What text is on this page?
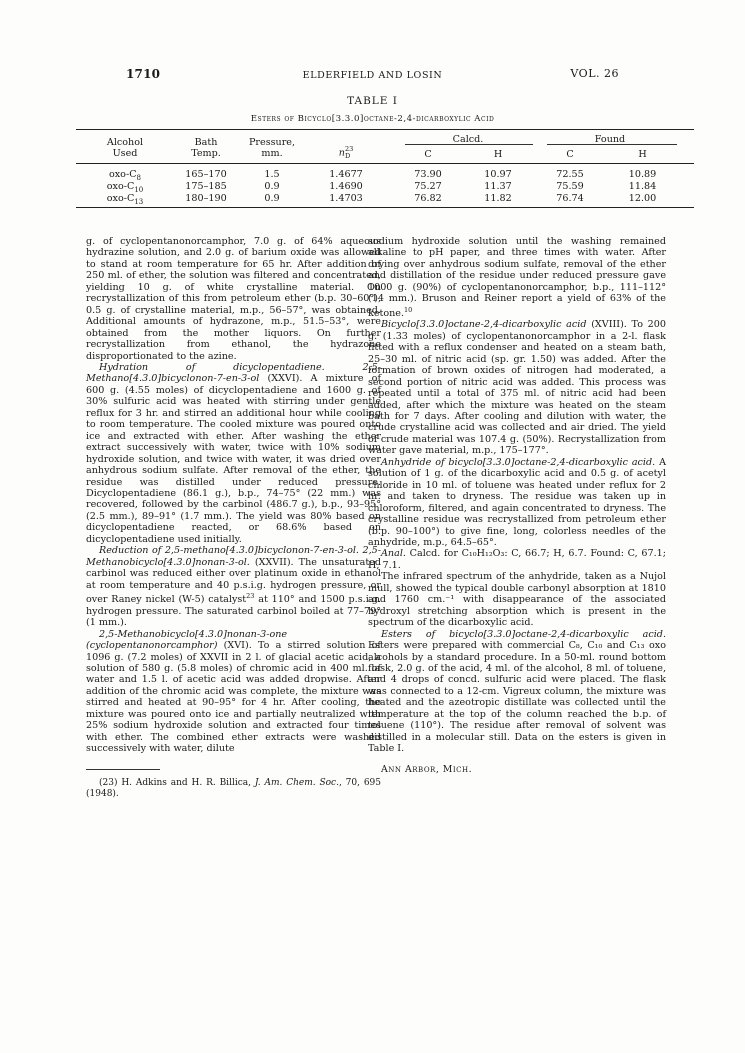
1710	ELDERFIELD AND LOSIN	VOL. 26
TABLE I
Esters of Bicyclo[3.3.0]octane-2,4-dicarboxylic Acid
Alcohol
Used
Bath
Temp.
Pressure,
mm.	n 23
D
Calcd.	Found
C	H	C	H
oxo-$C_8$	165–170	1.5	1.4677	73.90	10.97	72.55	10.89
oxo-$C_{10}$	175–185	0.9	1.4690	75.27	11.37	75.59	11.84
oxo-$C_{13}$	180–190	0.9	1.4703	76.82	11.82	76.74	12.00

g. of cyclopentanonorcamphor, 7.0 g. of 64% aqueous hydrazine solution, and 2.0 g. of barium oxide was allowed to stand at room temperature for 65 hr. After addition of 250 ml. of ether, the solution was filtered and concentrated, yielding 10 g. of white crystalline material. On recrystallization of this from petroleum ether (b.p. 30–60°), 0.5 g. of crystalline material, m.p., 56–57°, was obtained. Additional amounts of hydrazone, m.p., 51.5–53°, were obtained from the mother liquors. On further recrystallization from ethanol, the hydrazone disproportionated to the azine.

Hydration of dicyclopentadiene. 2,5-Methano[4.3.0]bicyclonon-7-en-3-ol (XXVI). A mixture of 600 g. (4.55 moles) of dicyclopentadiene and 1600 g. of 30% sulfuric acid was heated with stirring under gentle reflux for 3 hr. and stirred an additional hour while cooling to room temperature. The cooled mixture was poured onto ice and extracted with ether. After washing the ether extract successively with water, twice with 10% sodium hydroxide solution, and twice with water, it was dried over anhydrous sodium sulfate. After removal of the ether, the residue was distilled under reduced pressure. Dicyclopentadiene (86.1 g.), b.p., 74–75° (22 mm.) was recovered, followed by the carbinol (486.7 g.), b.p., 93–95° (2.5 mm.), 89–91° (1.7 mm.). The yield was 80% based on dicyclopentadiene reacted, or 68.6% based on dicyclopentadiene used initially.

Reduction of 2,5-methano[4.3.0]bicyclonon-7-en-3-ol. 2,5-Methanobicyclo[4.3.0]nonan-3-ol. (XXVII). The unsaturated carbinol was reduced either over platinum oxide in ethanol at room temperature and 40 p.s.i.g. hydrogen pressure, or over Raney nickel (W-5) catalyst$^{23}$ at 110° and 1500 p.s.i.g. hydrogen pressure. The saturated carbinol boiled at 77–79° (1 mm.).

2,5-Methanobicyclo[4.3.0]nonan-3-one (cyclopentanonorcamphor) (XVI). To a stirred solution of 1096 g. (7.2 moles) of XXVII in 2 l. of glacial acetic acid, a solution of 580 g. (5.8 moles) of chromic acid in 400 ml. of water and 1.5 l. of acetic acid was added dropwise. After addition of the chromic acid was complete, the mixture was stirred and heated at 90–95° for 4 hr. After cooling, the mixture was poured onto ice and partially neutralized with 25% sodium hydroxide solution and extracted four times with ether. The combined ether extracts were washed successively with water, dilute

(23) H. Adkins and H. R. Billica, J. Am. Chem. Soc., 70, 695 (1948).

sodium hydroxide solution until the washing remained alkaline to pH paper, and three times with water. After drying over anhydrous sodium sulfate, removal of the ether and distillation of the residue under reduced pressure gave 1000 g. (90%) of cyclopentanonorcamphor, b.p., 111–112° (14 mm.). Bruson and Reiner report a yield of 63% of the ketone.$^{10}$

Bicyclo[3.3.0]octane-2,4-dicarboxylic acid (XVIII). To 200 g. (1.33 moles) of cyclopentanonorcamphor in a 2-l. flask fitted with a reflux condenser and heated on a steam bath, 25–30 ml. of nitric acid (sp. gr. 1.50) was added. After the formation of brown oxides of nitrogen had moderated, a second portion of nitric acid was added. This process was repeated until a total of 375 ml. of nitric acid had been added, after which the mixture was heated on the steam bath for 7 days. After cooling and dilution with water, the crude crystalline acid was collected and air dried. The yield of crude material was 107.4 g. (50%). Recrystallization from water gave material, m.p., 175–177°.

Anhydride of bicyclo[3.3.0]octane-2,4-dicarboxylic acid. A solution of 1 g. of the dicarboxylic acid and 0.5 g. of acetyl chloride in 10 ml. of toluene was heated under reflux for 2 hr. and taken to dryness. The residue was taken up in chloroform, filtered, and again concentrated to dryness. The crystalline residue was recrystallized from petroleum ether (b.p. 90–100°) to give fine, long, colorless needles of the anhydride, m.p., 64.5–65°.

Anal. Calcd. for C₁₀H₁₂O₃: C, 66.7; H, 6.7. Found: C, 67.1; H, 7.1.

The infrared spectrum of the anhydride, taken as a Nujol mull, showed the typical double carbonyl absorption at 1810 and 1760 cm.⁻¹ with disappearance of the associated hydroxyl stretching absorption which is present in the spectrum of the dicarboxylic acid.

Esters of bicyclo[3.3.0]octane-2,4-dicarboxylic acid. Esters were prepared with commercial C₈, C₁₀ and C₁₃ oxo alcohols by a standard procedure. In a 50-ml. round bottom flask, 2.0 g. of the acid, 4 ml. of the alcohol, 8 ml. of toluene, and 4 drops of concd. sulfuric acid were placed. The flask was connected to a 12-cm. Vigreux column, the mixture was heated and the azeotropic distillate was collected until the temperature at the top of the column reached the b.p. of toluene (110°). The residue after removal of solvent was distilled in a molecular still. Data on the esters is given in Table I.

Ann Arbor, Mich.
